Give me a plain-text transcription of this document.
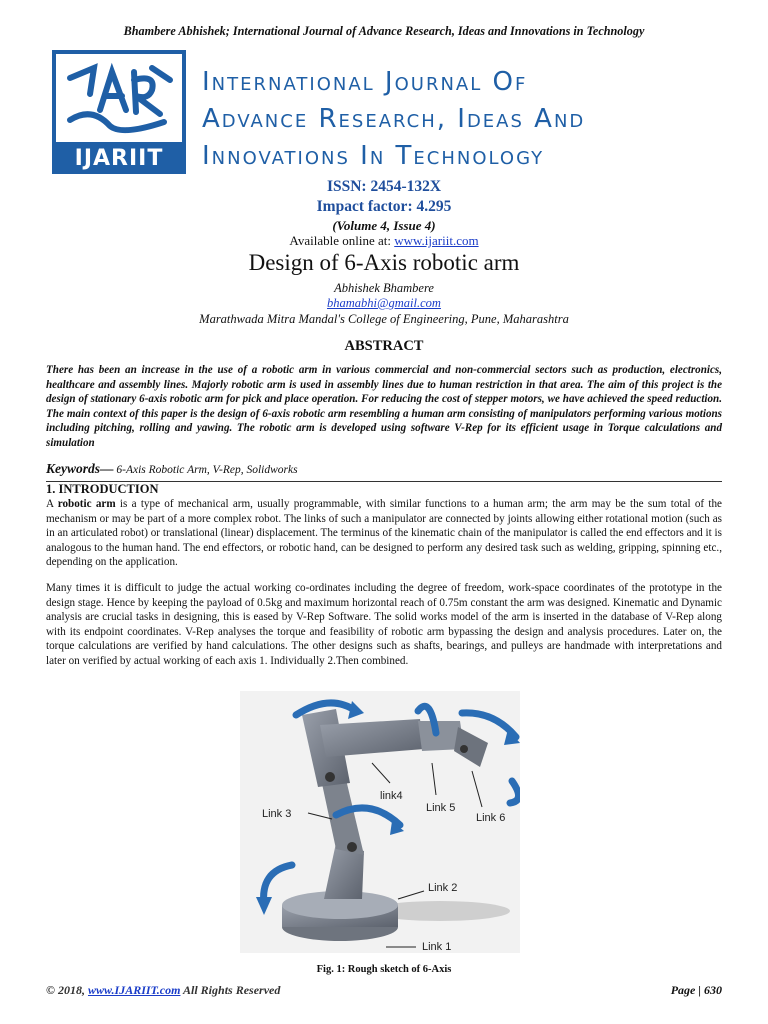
Bhambere Abhishek; International Journal of Advance Research, Ideas and Innovations in Technology
IJARIIT
International Journal Of
Advance Research, Ideas And
Innovations In Technology
ISSN: 2454-132X
Impact factor: 4.295
(Volume 4, Issue 4)
Available online at: www.ijariit.com
Design of 6-Axis robotic arm
Abhishek Bhambere
bhamabhi@gmail.com
Marathwada Mitra Mandal's College of Engineering, Pune, Maharashtra
ABSTRACT
There has been an increase in the use of a robotic arm in various commercial and non-commercial sectors such as production, electronics, healthcare and assembly lines. Majorly robotic arm is used in assembly lines due to human restriction in that area. The aim of this project is the design of stationary 6-axis robotic arm for pick and place operation. For reducing the cost of stepper motors, we have achieved the speed reduction. The main context of this paper is the design of 6-axis robotic arm resembling a human arm consisting of manipulators performing various motions including pitching, rolling and yawing. The robotic arm is developed using software V-Rep for its efficient usage in Torque calculations and simulation
Keywords— 6-Axis Robotic Arm, V-Rep, Solidworks
1. INTRODUCTION
A robotic arm is a type of mechanical arm, usually programmable, with similar functions to a human arm; the arm may be the sum total of the mechanism or may be part of a more complex robot. The links of such a manipulator are connected by joints allowing either rotational motion (such as in an articulated robot) or translational (linear) displacement. The terminus of the kinematic chain of the manipulator is called the end effectors and it is analogous to the human hand. The end effectors, or robotic hand, can be designed to perform any desired task such as welding, gripping, spinning etc., depending on the application.
Many times it is difficult to judge the actual working co-ordinates including the degree of freedom, work-space coordinates of the prototype in the design stage. Hence by keeping the payload of 0.5kg and maximum horizontal reach of 0.75m constant the arm was designed. Kinematic and Dynamic analysis are crucial tasks in designing, this is eased by V-Rep Software. The solid works model of the arm is inserted in the database of V-Rep along with its endpoint coordinates. V-Rep analyses the torque and feasibility of robotic arm bypassing the design and analysis procedures. Later on, the torque calculations are verified by hand calculations. The other designs such as shafts, bearings, and pulleys are handmade with interpretations and later on verified by actual working of each axis 1. Individually 2.Then combined.
Link 3
link4
Link 5
Link 6
Link 2
Link 1
Fig. 1: Rough sketch of 6-Axis
© 2018, www.IJARIIT.com All Rights Reserved	Page | 630
